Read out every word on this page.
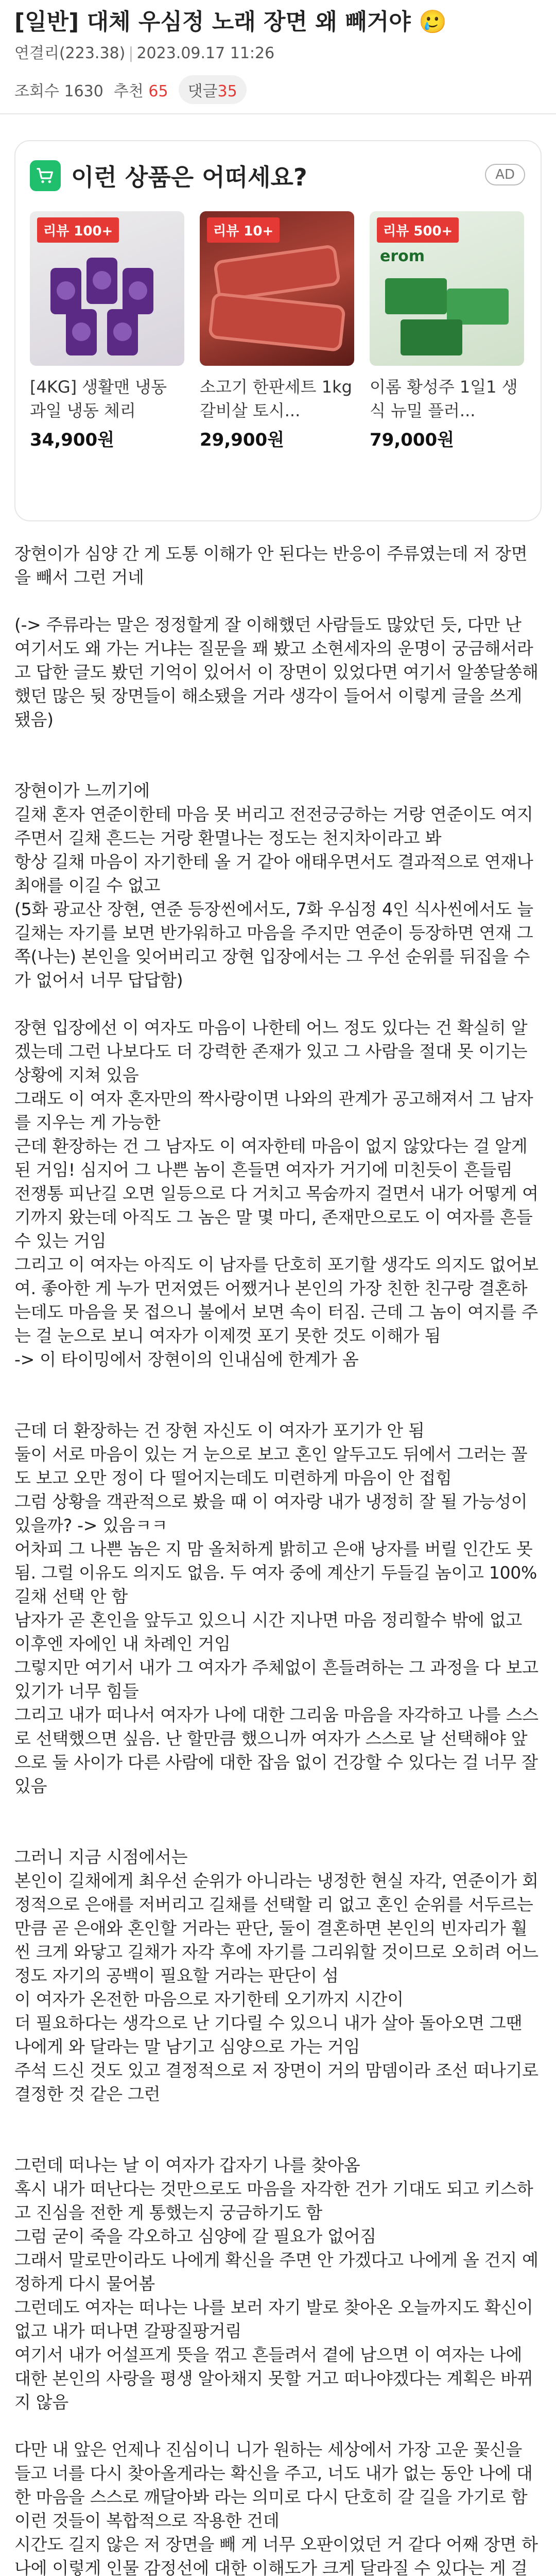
[일반] 대체 우심정 노래 장면 왜 빼거야 🥲
연결리(223.38) | 2023.09.17 11:26
조회수 1630 추천 65	댓글35
이런 상품은 어떠세요?	AD
리뷰 100+
[4KG] 생활맨 냉동 과일 냉동 체리
34,900원
리뷰 10+
소고기 한판세트 1kg 갈비살 토시...
29,900원
erom
리뷰 500+
이롬 황성주 1일1 생식 뉴밀 플러...
79,000원

장현이가 심양 간 게 도통 이해가 안 된다는 반응이 주류였는데 저 장면을 빼서 그런 거네

(-> 주류라는 말은 정정할게 잘 이해했던 사람들도 많았던 듯, 다만 난 여기서도 왜 가는 거냐는 질문을 꽤 봤고 소현세자의 운명이 궁금해서라고 답한 글도 봤던 기억이 있어서 이 장면이 있었다면 여기서 알쏭달쏭해했던 많은 뒷 장면들이 해소됐을 거라 생각이 들어서 이렇게 글을 쓰게 됐음)

장현이가 느끼기에

길채 혼자 연준이한테 마음 못 버리고 전전긍긍하는 거랑 연준이도 여지 주면서 길채 흔드는 거랑 환멸나는 정도는 천지차이라고 봐

항상 길채 마음이 자기한테 올 거 같아 애태우면서도 결과적으로 연재나 최애를 이길 수 없고

(5화 광교산 장현, 연준 등장씬에서도, 7화 우심정 4인 식사씬에서도 늘 길채는 자기를 보면 반가워하고 마음을 주지만 연준이 등장하면 연재 그쪽(나는) 본인을 잊어버리고 장현 입장에서는 그 우선 순위를 뒤집을 수가 없어서 너무 답답함)

장현 입장에선 이 여자도 마음이 나한테 어느 정도 있다는 건 확실히 알겠는데 그런 나보다도 더 강력한 존재가 있고 그 사람을 절대 못 이기는 상황에 지쳐 있음

그래도 이 여자 혼자만의 짝사랑이면 나와의 관계가 공고해져서 그 남자를 지우는 게 가능한

근데 환장하는 건 그 남자도 이 여자한테 마음이 없지 않았다는 걸 알게 된 거임! 심지어 그 나쁜 놈이 흔들면 여자가 거기에 미친듯이 흔들림

전쟁통 피난길 오면 일등으로 다 거치고 목숨까지 걸면서 내가 어떻게 여기까지 왔는데 아직도 그 놈은 말 몇 마디, 존재만으로도 이 여자를 흔들 수 있는 거임

그리고 이 여자는 아직도 이 남자를 단호히 포기할 생각도 의지도 없어보여. 좋아한 게 누가 먼저였든 어쨌거나 본인의 가장 친한 친구랑 결혼하는데도 마음을 못 접으니 불에서 보면 속이 터짐. 근데 그 놈이 여지를 주는 걸 눈으로 보니 여자가 이제껏 포기 못한 것도 이해가 됨

-> 이 타이밍에서 장현이의 인내심에 한계가 옴

근데 더 환장하는 건 장현 자신도 이 여자가 포기가 안 됨

둘이 서로 마음이 있는 거 눈으로 보고 혼인 알두고도 뒤에서 그러는 꼴도 보고 오만 정이 다 떨어지는데도 미련하게 마음이 안 접힘

그럼 상황을 객관적으로 봤을 때 이 여자랑 내가 냉정히 잘 될 가능성이 있을까? -> 있음ㅋㅋ

어차피 그 나쁜 놈은 지 맘 올처하게 밝히고 은애 낭자를 버릴 인간도 못 됨. 그럴 이유도 의지도 없음. 두 여자 중에 계산기 두들길 놈이고 100% 길채 선택 안 함

남자가 곧 혼인을 앞두고 있으니 시간 지나면 마음 정리할수 밖에 없고 이후엔 자에인 내 차례인 거임

그렇지만 여기서 내가 그 여자가 주체없이 흔들려하는 그 과정을 다 보고 있기가 너무 힘들

그리고 내가 떠나서 여자가 나에 대한 그리움 마음을 자각하고 나를 스스로 선택했으면 싶음. 난 할만큼 했으니까 여자가 스스로 날 선택해야 앞으로 둘 사이가 다른 사람에 대한 잡음 없이 건강할 수 있다는 걸 너무 잘 있음

그러니 지금 시점에서는

본인이 길채에게 최우선 순위가 아니라는 냉정한 현실 자각, 연준이가 회정적으로 은애를 저버리고 길채를 선택할 리 없고 혼인 순위를 서두르는 만큼 곧 은애와 혼인할 거라는 판단, 둘이 결혼하면 본인의 빈자리가 훨씬 크게 와닿고 길채가 자각 후에 자기를 그리워할 것이므로 오히려 어느 정도 자기의 공백이 필요할 거라는 판단이 섬

이 여자가 온전한 마음으로 자기한테 오기까지 시간이

더 필요하다는 생각으로 난 기다릴 수 있으니 내가 살아 돌아오면 그땐 나에게 와 달라는 말 남기고 심양으로 가는 거임

주석 드신 것도 있고 결정적으로 저 장면이 거의 맘뎀이라 조선 떠나기로 결정한 것 같은 그런

그런데 떠나는 날 이 여자가 갑자기 나를 찾아옴

혹시 내가 떠난다는 것만으로도 마음을 자각한 건가 기대도 되고 키스하고 진심을 전한 게 통했는지 궁금하기도 함

그럼 굳이 죽을 각오하고 심양에 갈 필요가 없어짐

그래서 말로만이라도 나에게 확신을 주면 안 가겠다고 나에게 올 건지 예정하게 다시 물어봄

그런데도 여자는 떠나는 나를 보러 자기 발로 찾아온 오늘까지도 확신이 없고 내가 떠나면 갈팡질팡거림

여기서 내가 어설프게 뜻을 꺾고 흔들려서 곁에 남으면 이 여자는 나에 대한 본인의 사랑을 평생 알아채지 못할 거고 떠나야겠다는 계획은 바뀌지 않음

다만 내 앞은 언제나 진심이니 니가 원하는 세상에서 가장 고운 꽃신을 들고 너를 다시 찾아올게라는 확신을 주고, 너도 내가 없는 동안 나에 대한 마음을 스스로 깨달아봐 라는 의미로 다시 단호히 갈 길을 가기로 함

이런 것들이 복합적으로 작용한 건데

시간도 길지 않은 저 장면을 빼 게 너무 오판이었던 거 같다 어째 장면 하나에 이렇게 인물 감정선에 대한 이해도가 크게 달라질 수 있다는 게 걸
